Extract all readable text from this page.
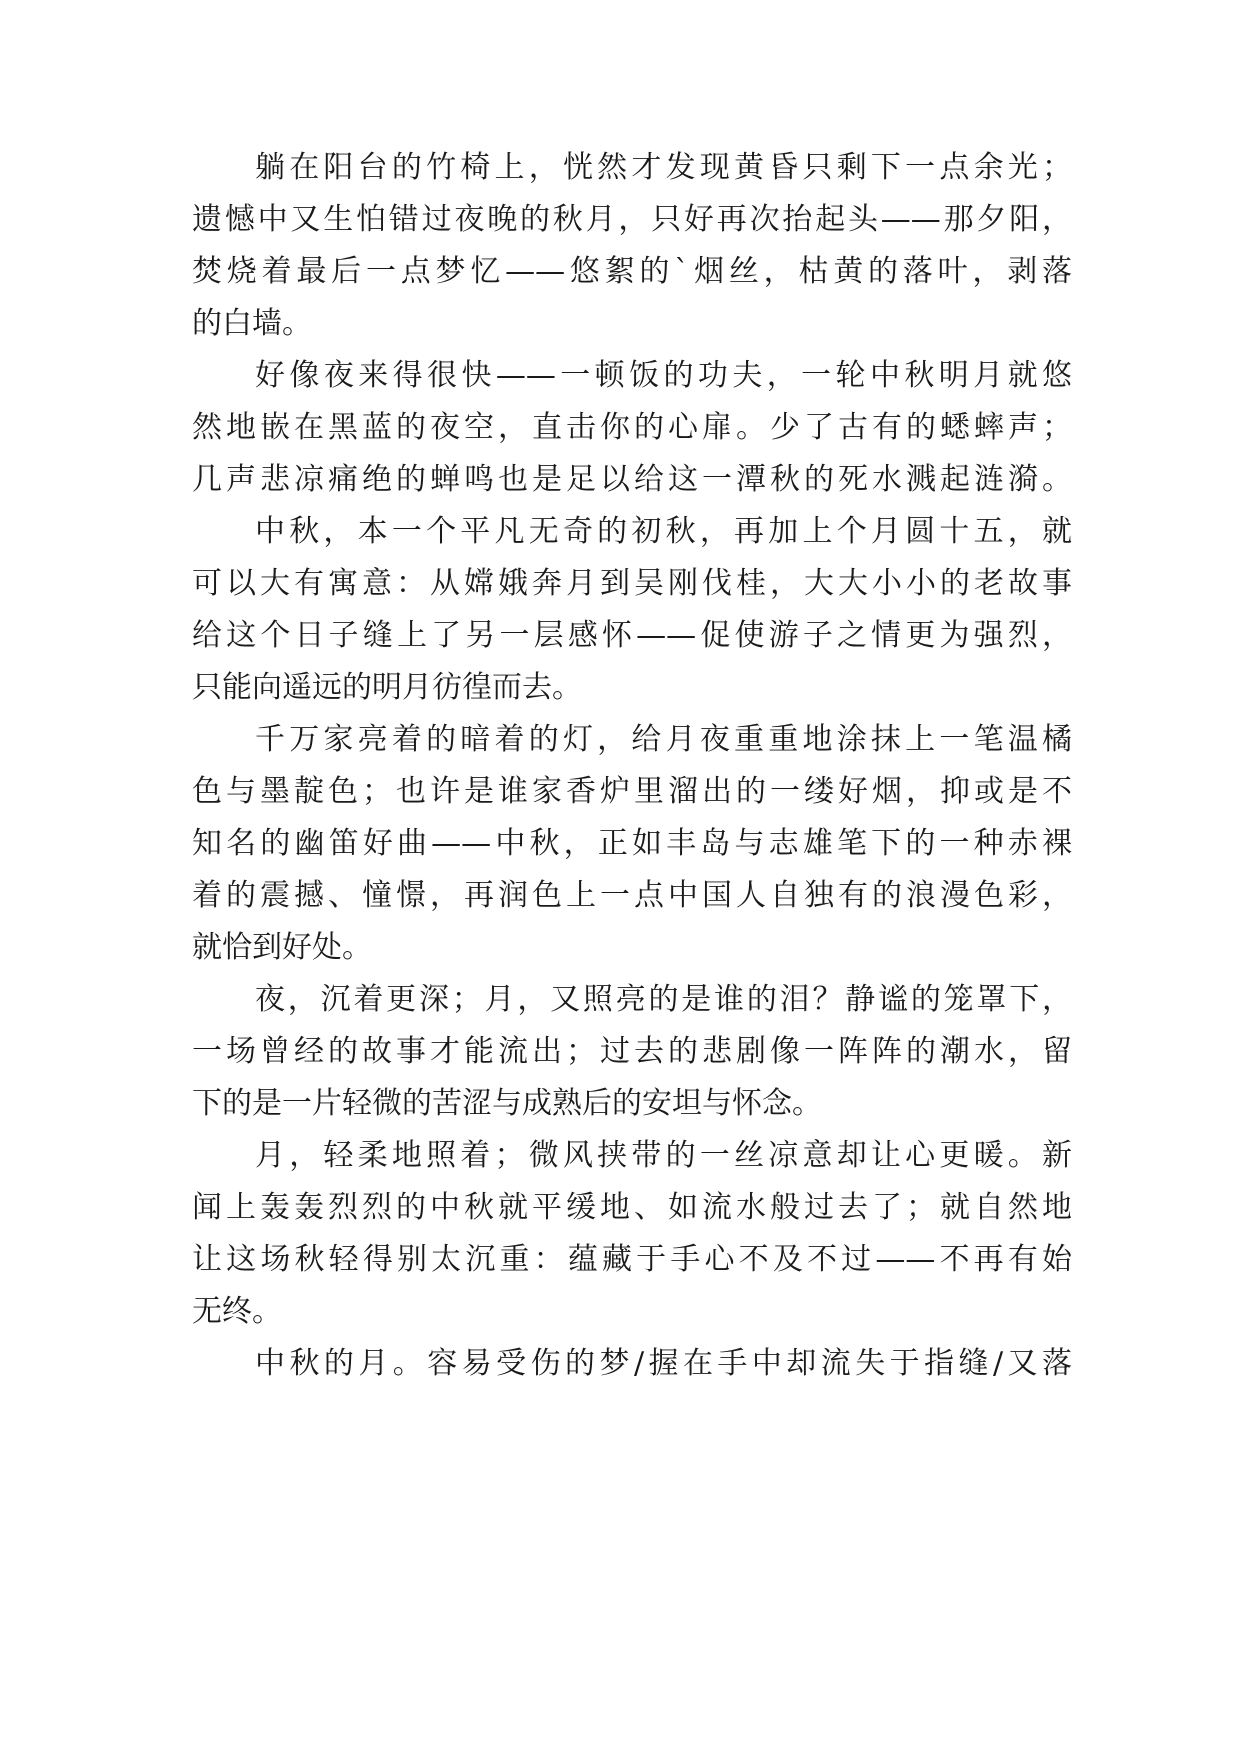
躺在阳台的竹椅上，恍然才发现黄昏只剩下一点余光；

遗憾中又生怕错过夜晚的秋月，只好再次抬起头——那夕阳，

焚烧着最后一点梦忆——悠絮的`烟丝，枯黄的落叶，剥落

的白墙。

好像夜来得很快——一顿饭的功夫，一轮中秋明月就悠

然地嵌在黑蓝的夜空，直击你的心扉。少了古有的蟋蟀声；

几声悲凉痛绝的蝉鸣也是足以给这一潭秋的死水溅起涟漪。

中秋，本一个平凡无奇的初秋，再加上个月圆十五，就

可以大有寓意：从嫦娥奔月到吴刚伐桂，大大小小的老故事

给这个日子缝上了另一层感怀——促使游子之情更为强烈，

只能向遥远的明月彷徨而去。

千万家亮着的暗着的灯，给月夜重重地涂抹上一笔温橘

色与墨靛色；也许是谁家香炉里溜出的一缕好烟，抑或是不

知名的幽笛好曲——中秋，正如丰岛与志雄笔下的一种赤裸

着的震撼、憧憬，再润色上一点中国人自独有的浪漫色彩，

就恰到好处。

夜，沉着更深；月，又照亮的是谁的泪？静谧的笼罩下，

一场曾经的故事才能流出；过去的悲剧像一阵阵的潮水，留

下的是一片轻微的苦涩与成熟后的安坦与怀念。

月，轻柔地照着；微风挟带的一丝凉意却让心更暖。新

闻上轰轰烈烈的中秋就平缓地、如流水般过去了；就自然地

让这场秋轻得别太沉重：蕴藏于手心不及不过——不再有始

无终。

中秋的月。容易受伤的梦/握在手中却流失于指缝/又落
